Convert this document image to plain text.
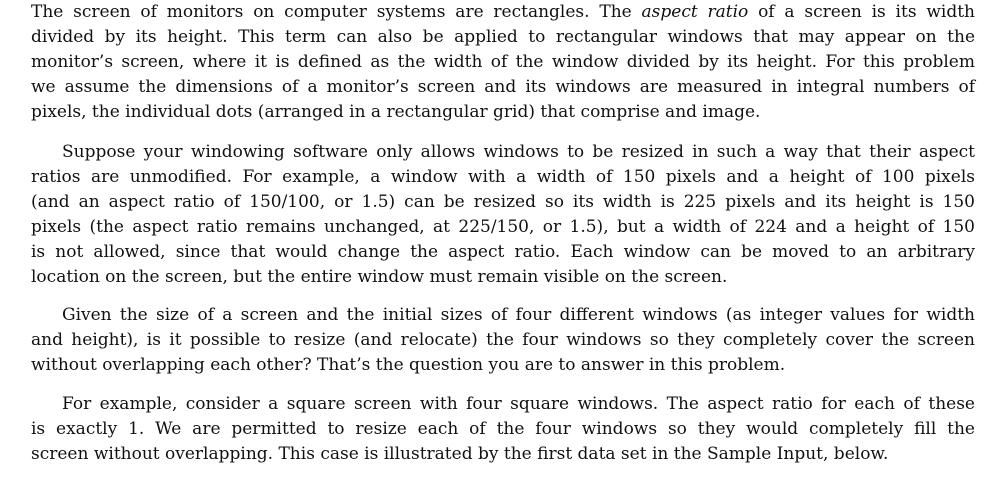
The screen of monitors on computer systems are rectangles. The aspect ratio of a screen is its width
divided by its height. This term can also be applied to rectangular windows that may appear on the
monitor’s screen, where it is defined as the width of the window divided by its height. For this problem
we assume the dimensions of a monitor’s screen and its windows are measured in integral numbers of
pixels, the individual dots (arranged in a rectangular grid) that comprise and image.
Suppose your windowing software only allows windows to be resized in such a way that their aspect
ratios are unmodified. For example, a window with a width of 150 pixels and a height of 100 pixels
(and an aspect ratio of 150/100, or 1.5) can be resized so its width is 225 pixels and its height is 150
pixels (the aspect ratio remains unchanged, at 225/150, or 1.5), but a width of 224 and a height of 150
is not allowed, since that would change the aspect ratio. Each window can be moved to an arbitrary
location on the screen, but the entire window must remain visible on the screen.
Given the size of a screen and the initial sizes of four different windows (as integer values for width
and height), is it possible to resize (and relocate) the four windows so they completely cover the screen
without overlapping each other? That’s the question you are to answer in this problem.
For example, consider a square screen with four square windows. The aspect ratio for each of these
is exactly 1. We are permitted to resize each of the four windows so they would completely fill the
screen without overlapping. This case is illustrated by the first data set in the Sample Input, below.
